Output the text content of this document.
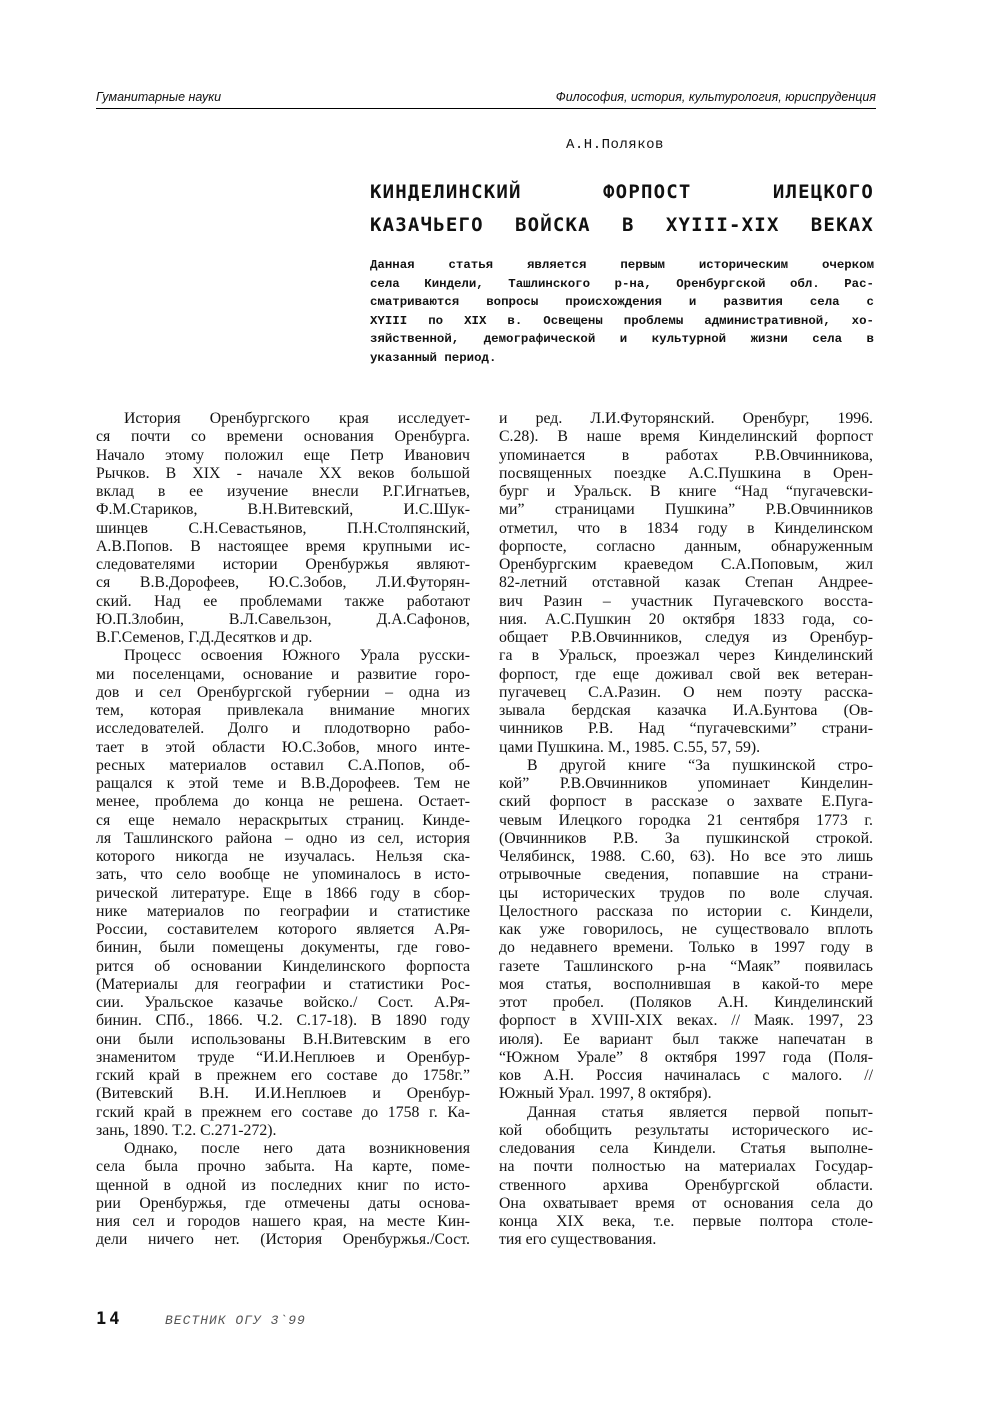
Гуманитарные науки	Философия, история, культурология, юриспруденция
А.Н.Поляков
КИНДЕЛИНСКИЙ ФОРПОСТ ИЛЕЦКОГО
КАЗАЧЬЕГО ВОЙСКА В XYIII-XIX ВЕКАХ
Данная статья является первым историческим очерком
села Киндели, Ташлинского р-на, Оренбургской обл. Рас-
сматриваются вопросы происхождения и развития села с
XYIII по XIX в. Освещены проблемы административной, хо-
зяйственной, демографической и культурной жизни села в
указанный период.
История Оренбургского края исследует-
ся почти со времени основания Оренбурга.
Начало этому положил еще Петр Иванович
Рычков. В XIX - начале XX веков большой
вклад в ее изучение внесли Р.Г.Игнатьев,
Ф.М.Стариков, В.Н.Витевский, И.С.Шук-
шинцев С.Н.Севастьянов, П.Н.Столпянский,
А.В.Попов. В настоящее время крупными ис-
следователями истории Оренбуржья являют-
ся В.В.Дорофеев, Ю.С.Зобов, Л.И.Футорян-
ский. Над ее проблемами также работают
Ю.П.Злобин, В.Л.Савельзон, Д.А.Сафонов,
В.Г.Семенов, Г.Д.Десятков и др.
Процесс освоения Южного Урала русски-
ми поселенцами, основание и развитие горо-
дов и сел Оренбургской губернии – одна из
тем, которая привлекала внимание многих
исследователей. Долго и плодотворно рабо-
тает в этой области Ю.С.Зобов, много инте-
ресных материалов оставил С.А.Попов, об-
ращался к этой теме и В.В.Дорофеев. Тем не
менее, проблема до конца не решена. Остает-
ся еще немало нераскрытых страниц. Кинде-
ля Ташлинского района – одно из сел, история
которого никогда не изучалась. Нельзя ска-
зать, что село вообще не упоминалось в исто-
рической литературе. Еще в 1866 году в сбор-
нике материалов по географии и статистике
России, составителем которого является А.Ря-
бинин, были помещены документы, где гово-
рится об основании Кинделинского форпоста
(Материалы для географии и статистики Рос-
сии. Уральское казачье войско./ Сост. А.Ря-
бинин. СПб., 1866. Ч.2. С.17-18). В 1890 году
они были использованы В.Н.Витевским в его
знаменитом труде “И.И.Неплюев и Оренбур-
гский край в прежнем его составе до 1758г.”
(Витевский В.Н. И.И.Неплюев и Оренбур-
гский край в прежнем его составе до 1758 г. Ка-
зань, 1890. Т.2. С.271-272).
Однако, после него дата возникновения
села была прочно забыта. На карте, поме-
щенной в одной из последних книг по исто-
рии Оренбуржья, где отмечены даты основа-
ния сел и городов нашего края, на месте Кин-
дели ничего нет. (История Оренбуржья./Сост.
и ред. Л.И.Футорянский. Оренбург, 1996.
С.28). В наше время Кинделинский форпост
упоминается в работах Р.В.Овчинникова,
посвященных поездке А.С.Пушкина в Орен-
бург и Уральск. В книге “Над “пугачевски-
ми” страницами Пушкина” Р.В.Овчинников
отметил, что в 1834 году в Кинделинском
форпосте, согласно данным, обнаруженным
Оренбургским краеведом С.А.Поповым, жил
82-летний отставной казак Степан Андрее-
вич Разин – участник Пугачевского восста-
ния. А.С.Пушкин 20 октября 1833 года, со-
общает Р.В.Овчинников, следуя из Оренбур-
га в Уральск, проезжал через Кинделинский
форпост, где еще доживал свой век ветеран-
пугачевец С.А.Разин. О нем поэту расска-
зывала бердская казачка И.А.Бунтова (Ов-
чинников Р.В. Над “пугачевскими” страни-
цами Пушкина. М., 1985. С.55, 57, 59).
В другой книге “За пушкинской стро-
кой” Р.В.Овчинников упоминает Кинделин-
ский форпост в рассказе о захвате Е.Пуга-
чевым Илецкого городка 21 сентября 1773 г.
(Овчинников Р.В. За пушкинской строкой.
Челябинск, 1988. С.60, 63). Но все это лишь
отрывочные сведения, попавшие на страни-
цы исторических трудов по воле случая.
Целостного рассказа по истории с. Киндели,
как уже говорилось, не существовало вплоть
до недавнего времени. Только в 1997 году в
газете Ташлинского р-на “Маяк” появилась
моя статья, восполнившая в какой-то мере
этот пробел. (Поляков А.Н. Кинделинский
форпост в XVIII-XIX веках. // Маяк. 1997, 23
июля). Ее вариант был также напечатан в
“Южном Урале” 8 октября 1997 года (Поля-
ков А.Н. Россия начиналась с малого. //
Южный Урал. 1997, 8 октября).
Данная статья является первой попыт-
кой обобщить результаты исторического ис-
следования села Киндели. Статья выполне-
на почти полностью на материалах Государ-
ственного архива Оренбургской области.
Она охватывает время от основания села до
конца XIX века, т.е. первые полтора столе-
тия его существования.
14	ВЕСТНИК ОГУ 3`99
